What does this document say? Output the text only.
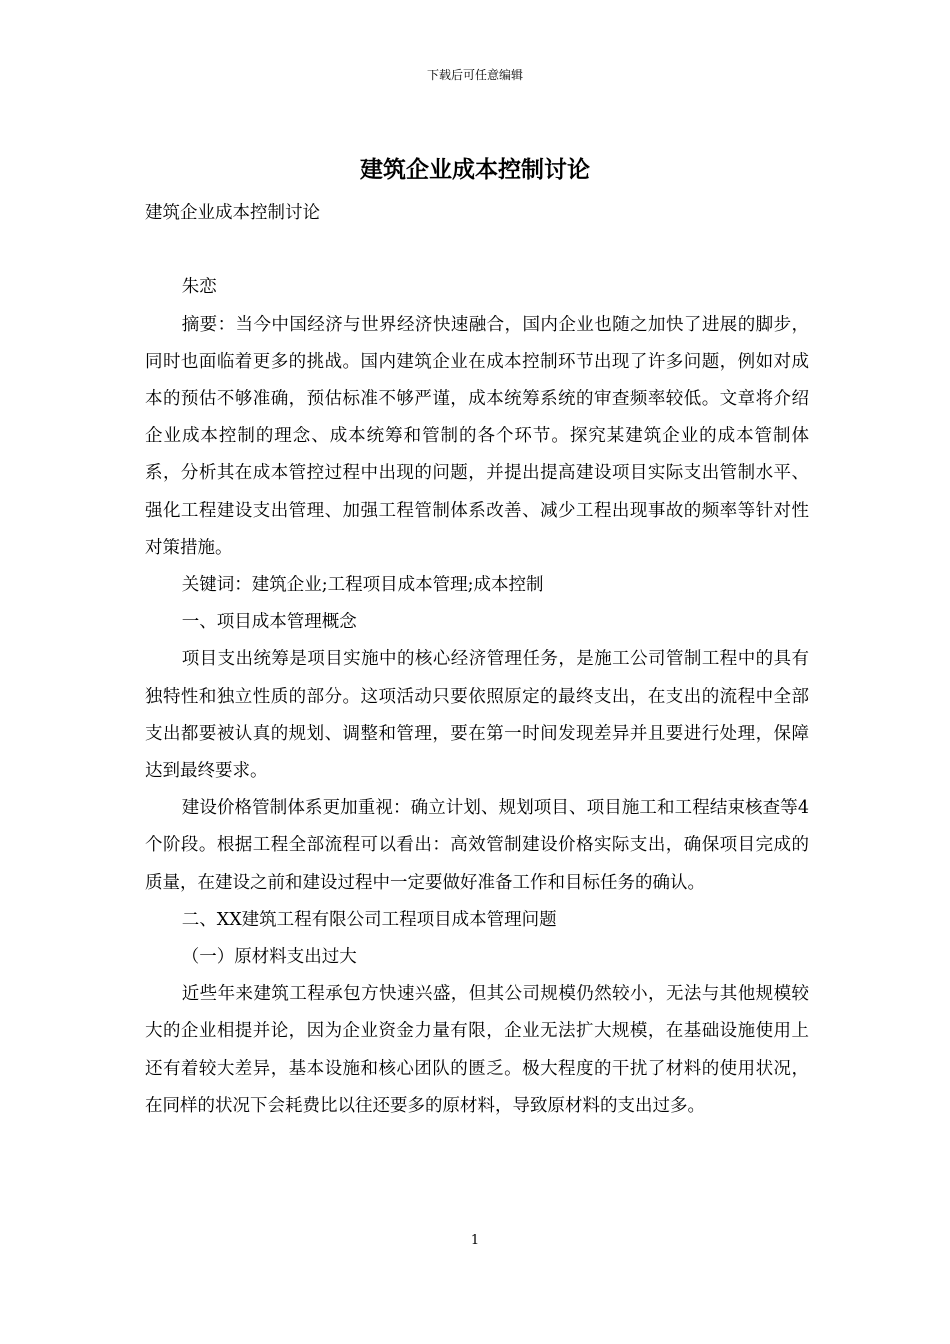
下载后可任意编辑
建筑企业成本控制讨论

建筑企业成本控制讨论

朱恋

摘要：当今中国经济与世界经济快速融合，国内企业也随之加快了进展的脚步，同时也面临着更多的挑战。国内建筑企业在成本控制环节出现了许多问题，例如对成本的预估不够准确，预估标准不够严谨，成本统筹系统的审查频率较低。文章将介绍企业成本控制的理念、成本统筹和管制的各个环节。探究某建筑企业的成本管制体系，分析其在成本管控过程中出现的问题，并提出提高建设项目实际支出管制水平、强化工程建设支出管理、加强工程管制体系改善、减少工程出现事故的频率等针对性对策措施。

关键词：建筑企业;工程项目成本管理;成本控制

一、项目成本管理概念

项目支出统筹是项目实施中的核心经济管理任务，是施工公司管制工程中的具有独特性和独立性质的部分。这项活动只要依照原定的最终支出，在支出的流程中全部支出都要被认真的规划、调整和管理，要在第一时间发现差异并且要进行处理，保障达到最终要求。

建设价格管制体系更加重视：确立计划、规划项目、项目施工和工程结束核查等4个阶段。根据工程全部流程可以看出：高效管制建设价格实际支出，确保项目完成的质量，在建设之前和建设过程中一定要做好准备工作和目标任务的确认。

二、XX建筑工程有限公司工程项目成本管理问题

（一）原材料支出过大

近些年来建筑工程承包方快速兴盛，但其公司规模仍然较小，无法与其他规模较大的企业相提并论，因为企业资金力量有限，企业无法扩大规模，在基础设施使用上还有着较大差异，基本设施和核心团队的匮乏。极大程度的干扰了材料的使用状况，在同样的状况下会耗费比以往还要多的原材料，导致原材料的支出过多。

1
